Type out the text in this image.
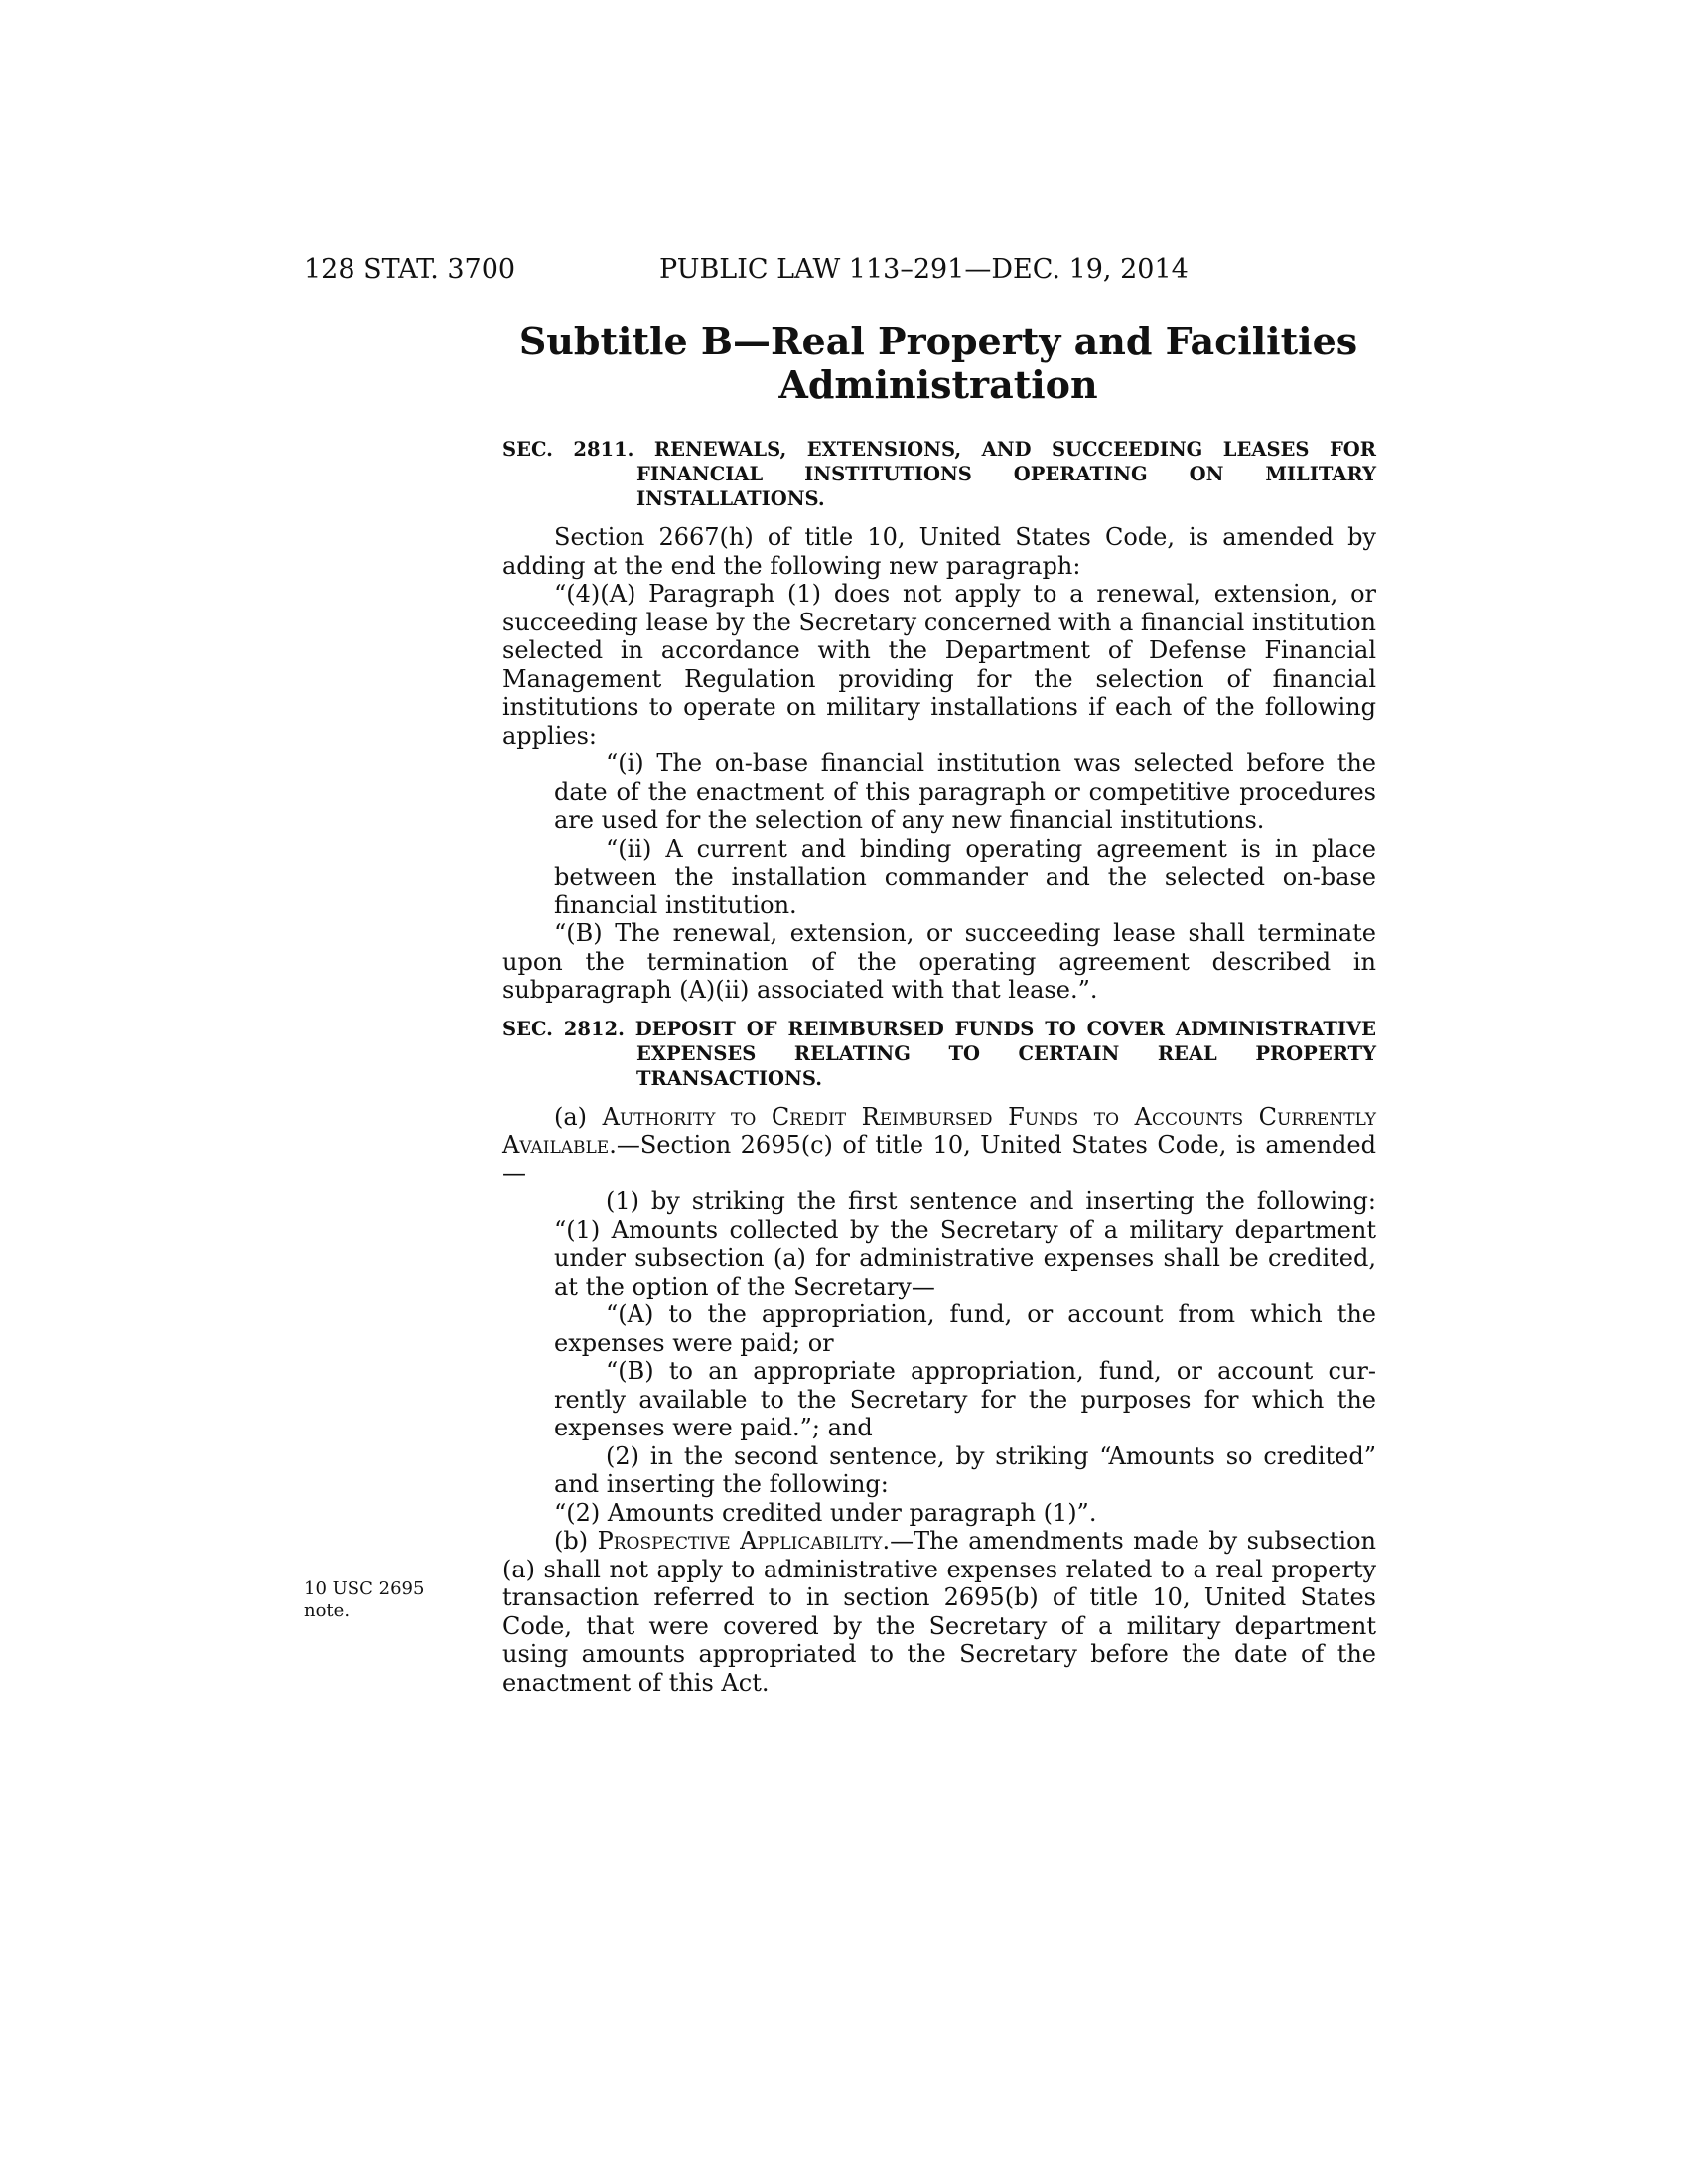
128 STAT. 3700	PUBLIC LAW 113–291—DEC. 19, 2014
Subtitle B—Real Property and Facilities
Administration
SEC. 2811. RENEWALS, EXTENSIONS, AND SUCCEEDING LEASES FOR FINANCIAL INSTITUTIONS OPERATING ON MILITARY INSTALLATIONS.

Section 2667(h) of title 10, United States Code, is amended by adding at the end the following new paragraph:

“(4)(A) Paragraph (1) does not apply to a renewal, extension, or succeeding lease by the Secretary concerned with a financial institution selected in accordance with the Department of Defense Financial Management Regulation providing for the selection of financial institutions to operate on military installations if each of the following applies:

“(i) The on-base financial institution was selected before the date of the enactment of this paragraph or competitive procedures are used for the selection of any new financial institutions.

“(ii) A current and binding operating agreement is in place between the installation commander and the selected on-base financial institution.

“(B) The renewal, extension, or succeeding lease shall terminate upon the termination of the operating agreement described in subparagraph (A)(ii) associated with that lease.”.

SEC. 2812. DEPOSIT OF REIMBURSED FUNDS TO COVER ADMINISTRATIVE EXPENSES RELATING TO CERTAIN REAL PROPERTY TRANSACTIONS.

(a) Authority to Credit Reimbursed Funds to Accounts Currently Available.—Section 2695(c) of title 10, United States Code, is amended—

(1) by striking the first sentence and inserting the following: “(1) Amounts collected by the Secretary of a military department under subsection (a) for administrative expenses shall be credited, at the option of the Secretary—

“(A) to the appropriation, fund, or account from which the expenses were paid; or

“(B) to an appropriate appropriation, fund, or account currently available to the Secretary for the purposes for which the expenses were paid.”; and

(2) in the second sentence, by striking “Amounts so credited” and inserting the following:

“(2) Amounts credited under paragraph (1)”.

(b) Prospective Applicability.—The amendments made by subsection (a) shall not apply to administrative expenses related to a real property transaction referred to in section 2695(b) of title 10, United States Code, that were covered by the Secretary of a military department using amounts appropriated to the Secretary before the date of the enactment of this Act.

10 USC 2695
note.
